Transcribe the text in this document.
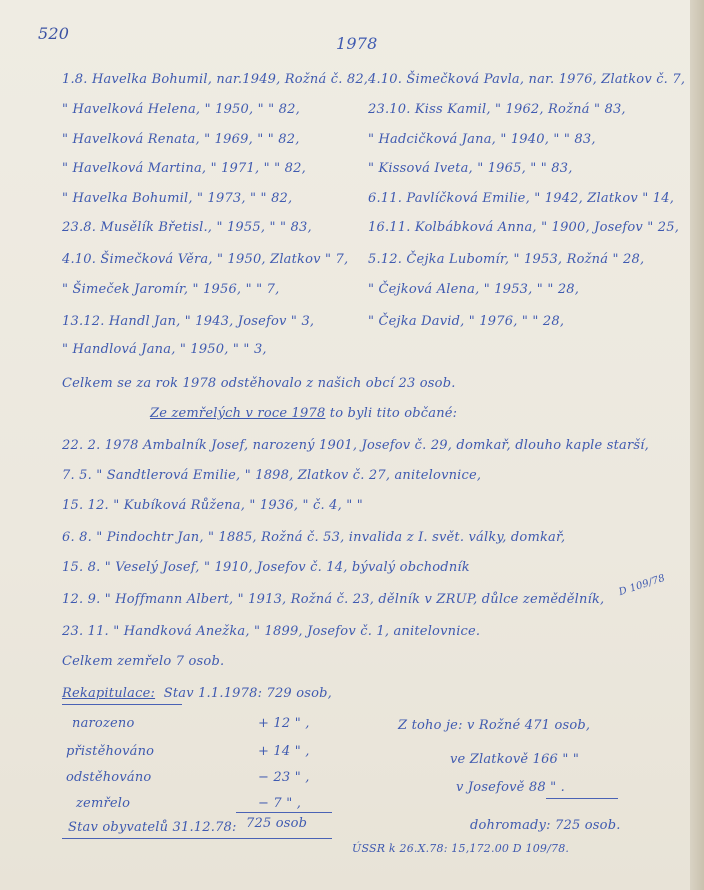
520
1978
1.8. Havelka Bohumil, nar.1949, Rožná č. 82,
" Havelková Helena, " 1950, " " 82,
" Havelková Renata, " 1969, " " 82,
" Havelková Martina, " 1971, " " 82,
" Havelka Bohumil, " 1973, " " 82,
23.8. Musělík Břetisl., " 1955, " " 83,
4.10. Šimečková Věra, " 1950, Zlatkov " 7,
" Šimeček Jaromír, " 1956, " " 7,
13.12. Handl Jan, " 1943, Josefov " 3,
" Handlová Jana, " 1950, " " 3,
4.10. Šimečková Pavla, nar. 1976, Zlatkov č. 7,
23.10. Kiss Kamil, " 1962, Rožná " 83,
" Hadcičková Jana, " 1940, " " 83,
" Kissová Iveta, " 1965, " " 83,
6.11. Pavlíčková Emilie, " 1942, Zlatkov " 14,
16.11. Kolbábková Anna, " 1900, Josefov " 25,
5.12. Čejka Lubomír, " 1953, Rožná " 28,
" Čejková Alena, " 1953, " " 28,
" Čejka David, " 1976, " " 28,
Celkem se za rok 1978 odstěhovalo z našich obcí 23 osob.
Ze zemřelých v roce 1978 to byli tito občané:
22. 2. 1978 Ambalník Josef, narozený 1901, Josefov č. 29, domkař, dlouho kaple starší,
7. 5. " Sandtlerová Emilie, " 1898, Zlatkov č. 27, anitelovnice,
15. 12. " Kubíková Růžena, " 1936, " č. 4, " "
6. 8. " Pindochtr Jan, " 1885, Rožná č. 53, invalida z I. svět. války, domkař,
15. 8. " Veselý Josef, " 1910, Josefov č. 14, bývalý obchodník
12. 9. " Hoffmann Albert, " 1913, Rožná č. 23, dělník v ZRUP, důlce zemědělník,
23. 11. " Handková Anežka, " 1899, Josefov č. 1, anitelovnice.
D 109/78
Celkem zemřelo 7 osob.
Rekapitulace: Stav 1.1.1978: 729 osob,
narozeno	+ 12 " ,
přistěhováno	+ 14 " ,
odstěhováno	− 23 " ,
zemřelo	− 7 " ,
Stav obyvatelů 31.12.78: 725 osob
Z toho je: v Rožné 471 osob,
ve Zlatkově 166 " "
v Josefově 88 " .
dohromady: 725 osob.
ÚSSR k 26.X.78: 15,172.00 D 109/78.
